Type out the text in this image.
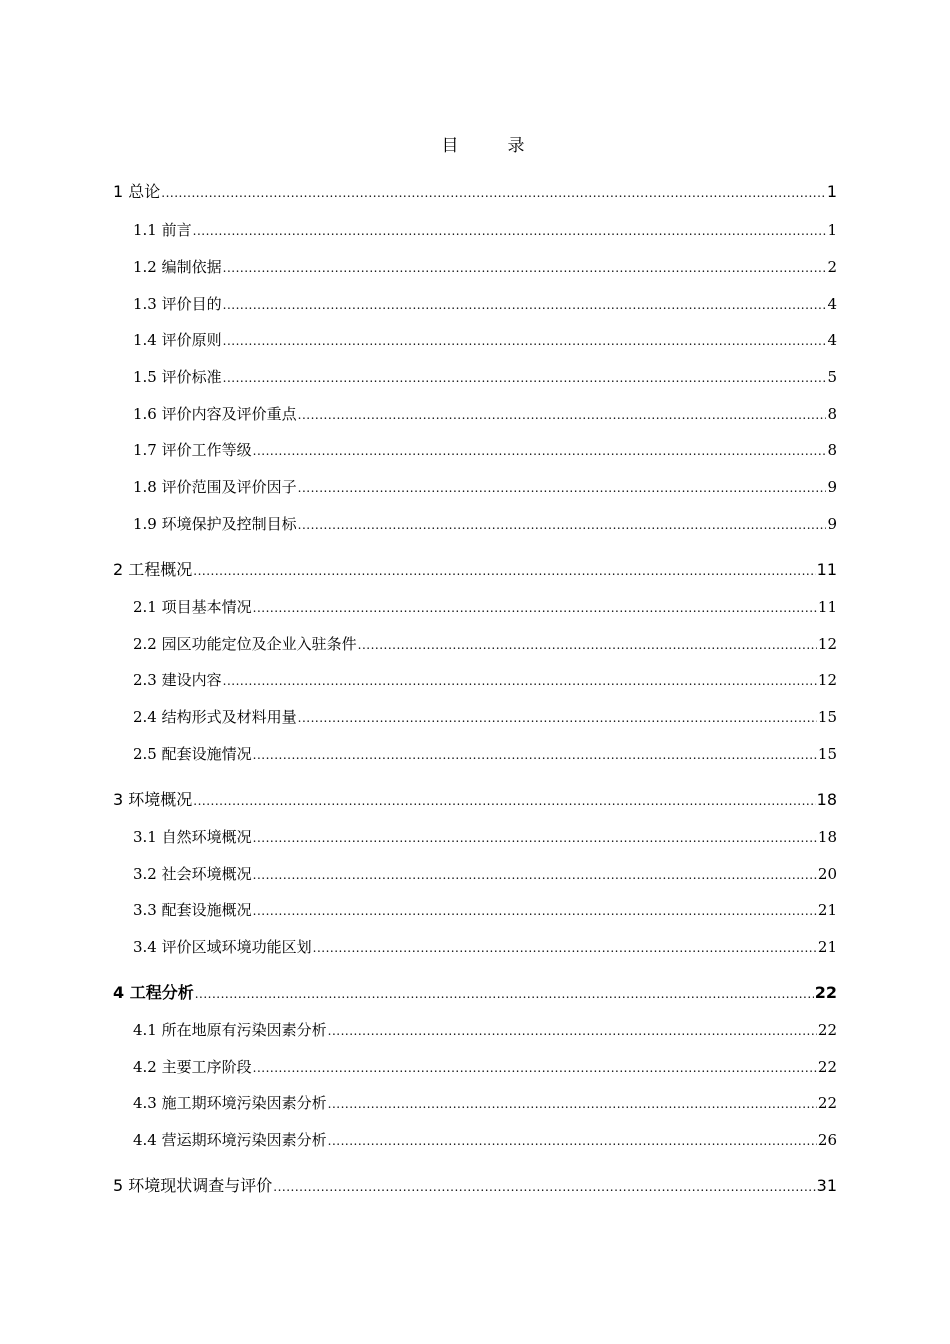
目　录
1 总论 .....	1
1.1 前言 .....	1
1.2 编制依据 .....	2
1.3 评价目的 .....	4
1.4 评价原则 .....	4
1.5 评价标准 .....	5
1.6 评价内容及评价重点 .....	8
1.7 评价工作等级 .....	8
1.8 评价范围及评价因子 .....	9
1.9 环境保护及控制目标 .....	9
2 工程概况 .....	11
2.1 项目基本情况 .....	11
2.2 园区功能定位及企业入驻条件 .....	12
2.3 建设内容 .....	12
2.4 结构形式及材料用量 .....	15
2.5 配套设施情况 .....	15
3 环境概况 .....	18
3.1 自然环境概况 .....	18
3.2 社会环境概况 .....	20
3.3 配套设施概况 .....	21
3.4 评价区域环境功能区划 .....	21
4 工程分析 .....	22
4.1 所在地原有污染因素分析 .....	22
4.2 主要工序阶段 .....	22
4.3 施工期环境污染因素分析 .....	22
4.4 营运期环境污染因素分析 .....	26
5 环境现状调查与评价 .....	31
